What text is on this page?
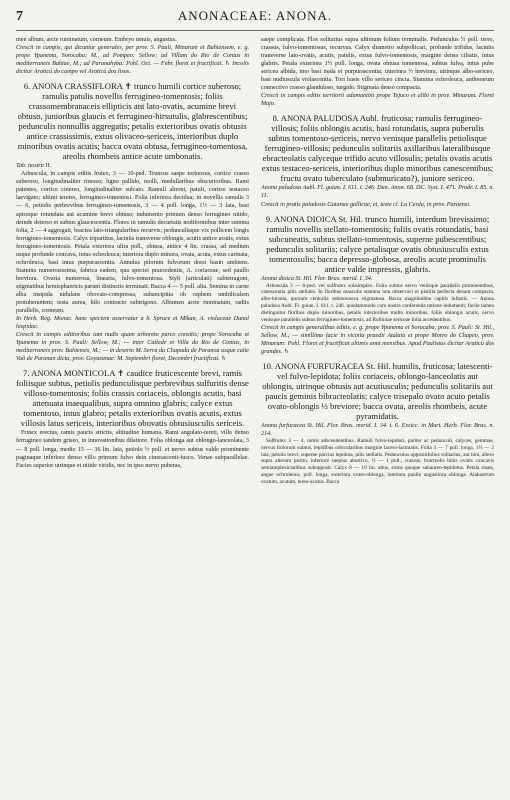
7	ANONACEAE: ANONA.

men album, arcte ruminatum, corneum. Embryo tenuis, angustus.

Crescit in campis, qui dicuntur generales, per prov. S. Pauli, Minarum et Bahiensem, e. g. prope Ypanema, Sorocaba; M., ad Pompeo: Sellow; ad Villam do Rio de Contas in mediterraneis Bahiae, M.; ad Paranahyba: Pohl. Oct. — Febr. floret et fructificat. ♄ Incolis dicitur Araticú do campo vel Araticú dos lisos.

6. ANONA CRASSIFLORA ✝ trunco humili cortice suberoso; ramulis patulis novellis ferrugineo-tomentosis; foliis crassomembranaceis ellipticis ant lato-ovatis, acumine brevi obtuso, junioribus glaucis et ferrugineo-hirsutulis, glabrescentibus; pedunculis nonnullis aggregatis; petalis exterioribus ovatis obtusis antice crassissimis, extus olivaceo-sericeis, interioribus duplo minoribus ovatis acutis; bacca ovata obtusa, ferrugineo-tomentosa, areolis rhombeis antice acute umbonatis.

Tab. nostra II.

Arbuscula, in campis editis frutex, 3 — 10-ped. Truncus saepe tortuosus, cortice crasso suberoso, longitudinaliter rimoso; ligno pallido, molli, medullaribus obscurioribus. Rami patentes, cortice cinereo, longitudinaliter sulcato. Ramuli alterni, patuli, cortice testaceo laevigato; ultimi teretes, ferrugineo-tomentosi. Folia inferiora decidua; in novellis ramulis 3 — 6, petiolis perbrevibus ferrugineo-tomentosis, 3 — 4 poll. longa, 1½ — 3 lata, basi apiceque rotundata aut acumine brevi obtuso; indumento primum denso ferrugineo nitido, deinde deterso et subtus glaucescentia. Flores in ramulis decurtatis nodiformibus inter summa folia, 2 — 4 aggregati, bractea lato-triangularibus recurvis; pedunculisque vix pollicem longis ferrugineo-tomentosis. Calyx tripartitus, laciniis transverse oblongis, acutis antice acutis, extus ferrugineo-tomentosis. Petala exteriora ultra poll., obtusa, antice 4 lin. crassa, ad medium usque profunde concava, intus ochroleuca; interiora duplo minora, ovata, acuta, extus carinata, ochroleuca, basi intus purpurascentia. Annulus pilorum fulvorum dorsi basin ambiens. Stamina numerosissima, fabrica eadem, qua speciei praecedentis, A. coriaceae, sed paullo breviora. Ovaria numerosa, linearia, fulvo-tomentosa. Styli (articulati) subtetragoni, stigmatibus hemisphaericis parum distinctis terminati. Bacca 4 — 5 poll. alta. Semina in carne alba insipida nidulans obovato-compressa, subancipitia ob raphem umbilicalem protuberantem; testa aurea, hilo contracto subtrigono. Albumen arcte ruminatum, radiis parallelis, corneum.

In Herb. Reg. Monac. hanc speciem asservatur a b. Spruce et Mikan, A. violaceae Dunal hispidae.

Crescit in campis editioribus tam nudis quam arboreto parco consitis; prope Sorocaba et Ypanema in prov. S. Pauli: Sellow, M.; — inter Catlede et Villa do Rio de Contas, in mediterraneis prov. Bahiensis, M.; — in deserto M. Serra da Chapada de Paranoa usque caite Vaõ de Paranan dicta, prov. Goyazanae: M. Septembri floret, Decembri fructificat. ♄

7. ANONA MONTICOLA ✝ caudice fruticescente brevi, ramis foliisque subtus, petiolis pedunculisque perbrevibus sulfuritis dense villoso-tomentosis; foliis crassis coriaceis, oblongis acutis, basi attenuata inaequalibus, supra omnino glabris; calyce extus tomentoso, intus glabro; petalis exterioribus ovatis acutis, extus villosis latus sericeis, interioribus obovatis obtusiusculis sericeis.

Frutex erectus, ramis paucis strictis, altitudine humana. Rami angulato-tereti, villo denso ferrugineo tandem griseo, in innovationibus dilatiore. Folia oblonga aut oblongo-lanceolata, 3 — 8 poll. longa, medio 15 — 36 lin. lata, petiolo ½ poll. et nervo subtus valde prominente paginaque inferiore denso villo primum fulvo dein cinerascenti-fusco. Venae subparallelae. Facies superior utrinque et nitide viridis, nec in ipso nervo puberas,

saepe complicata. Flos solitarius supra ultimum folium terminalis. Pedunculus ½ poll. teres, crassus, fulvo-tomentosus, recurvus. Calyx diametro subpollicari, profunde trifidus, laciniis transverse lato-ovatis, acutis, patulis, extus fulvo-tomentosis, margine densa ciliatis, intus glabris. Petala exteriora 1½ poll. longa, ovata obtusa tomentosa, subtus fulva, intus pube sericea albida, imo basi nuda et purpurascentia; interiora ½ breviora, utrinque albo-sericeo, basi nudiuscula violascentia. Tori basis villo sericeo cincta. Stamina ochroleuca, antherarum connectivo crasso glanduloso, turgido. Stigmata denso compacta.

Crescit in campis editis territorii adamantini prope Tejuco et alibi in prov. Minarum. Floret Majo.

8. ANONA PALUDOSA Aubl. fruticosa; ramulis ferrugineo-villosis; foliis oblongis acutis, basi rotundatis, supra puberulis subtus tomentoso-sericeis, nervo venisque parallelis petiolisque ferrugineo-villosis; pedunculis solitariis axillaribus lateralibusque ebracteolatis calyceque trifido acuto villosulis; petalis ovatis acutis extus testaceo-sericeis, interioribus duplo minoribus canescentibus; fructu ovato tuberculato (submuricato?), juniore sericeo.

Anona paludosa Aubl. Fl. guian. I. 611. t. 246. Dun. Anon. 68. DC. Syst. I. 471. Prodr. I. 85. n. 11.

Crescit in pratis paludosis Guianae gallicae, et, teste cl. La Cerda, in prov. Paraensi.

9. ANONA DIOICA St. Hil. trunco humili, interdum brevissimo; ramulis novellis stellato-tomentosis; foliis ovatis rotundatis, basi subcuneatis, subtus stellato-tomentosis, superne pubescentibus; pedunculis solitariis; calyce petalisque ovatis obtusiusculis extus tomentosulis; bacca depresso-globosa, areolis acute prominulis antice valde impressis, glabris.

Anona dioica St. Hil. Flor. Bras. merid. I. 34.

Arbuscula 3 — 6-ped. vel suffrutex subsimplex. Folia subtus nervo venisque parallelis prominentibus, canescentia pilis stellatis. In floribus masculis stamina non observavi et pistilla perfecta desunt compacta, albo-hirsuta, quorum centralia submonoeca stigmatosa. Bacca magnitudine capitis infantis. — Anona paludosa Aubl. Fl. guian. I. 611. t. 246. quodammodo cum nostra conferenda ratione indumenti; facile tamen distinguitur floribus duplo minoribus, petalis interioribus multo minoribus, foliis oblongis acutis, nervo venisque parallelis subtus ferrugineo-tomentosis, ad Rolliniae sericeae folia accedentibus.

Crescit in campis generalibus editis, e. g. prope Ypanema et Sorocaba, prov. S. Pauli: St. Hil., Sellow, M.; — simillima facie in vicinia praedii Atalaia et prope Morro do Chapeo, prov. Minarum: Pohl. Floret et fructificat ultimis anni mensibus. Apud Paulistas dicitur Araticú dos grandes. ♄

10. ANONA FURFURACEA St. Hil. humilis, fruticosa; latescenti-vel fulvo-lepidota; foliis coriaceis, oblongo-lanceolatis aut oblongis, utrinque obtusis aut acutiusculis; pedunculis solitariis aut paucis geminis bibracteolatis; calyce trisepalo ovato acuto petalis ovato-oblongis ½ breviore; bacca ovata, areolis rhombeis, acute pyramidatis.

Anona furfuracea St. Hil. Flor. Bras. merid. I. 34. t. 6. Exsicc. in Mart. Herb. Flor. Bras. n. 214.

Suffrutex 3 — 4, ramis adscendentibus. Ramuli fulvo-lepidoti, pariter ac pedunculi, calyces, gemmae, nervus foliorum subtus, lepidibus orbicularibus margine lacero-laciniatis. Folia 3 — 7 poll. longa, 1½ — 2 lata, petiolo brevi, superne parcius lepidota, pilis stellatis. Pedunculus oppositifolius solitarius, aut bini, altero supra alterum posito, inferiore saepius abortivo, ½ — 1 poll., crassus, bracteolis binis ovatis concavis semiamplexicaulibus subopposit. Calyx 8 — 10 lin. altus, extus quoque subaureo-lepidotus. Petala rosea, angue ochroleuca, poll. longa, exteriora ovato-oblonga, interiora paullo angustiora oblonga. Alabastrum ovatum, acutum, tereo-acutus. Bacca
